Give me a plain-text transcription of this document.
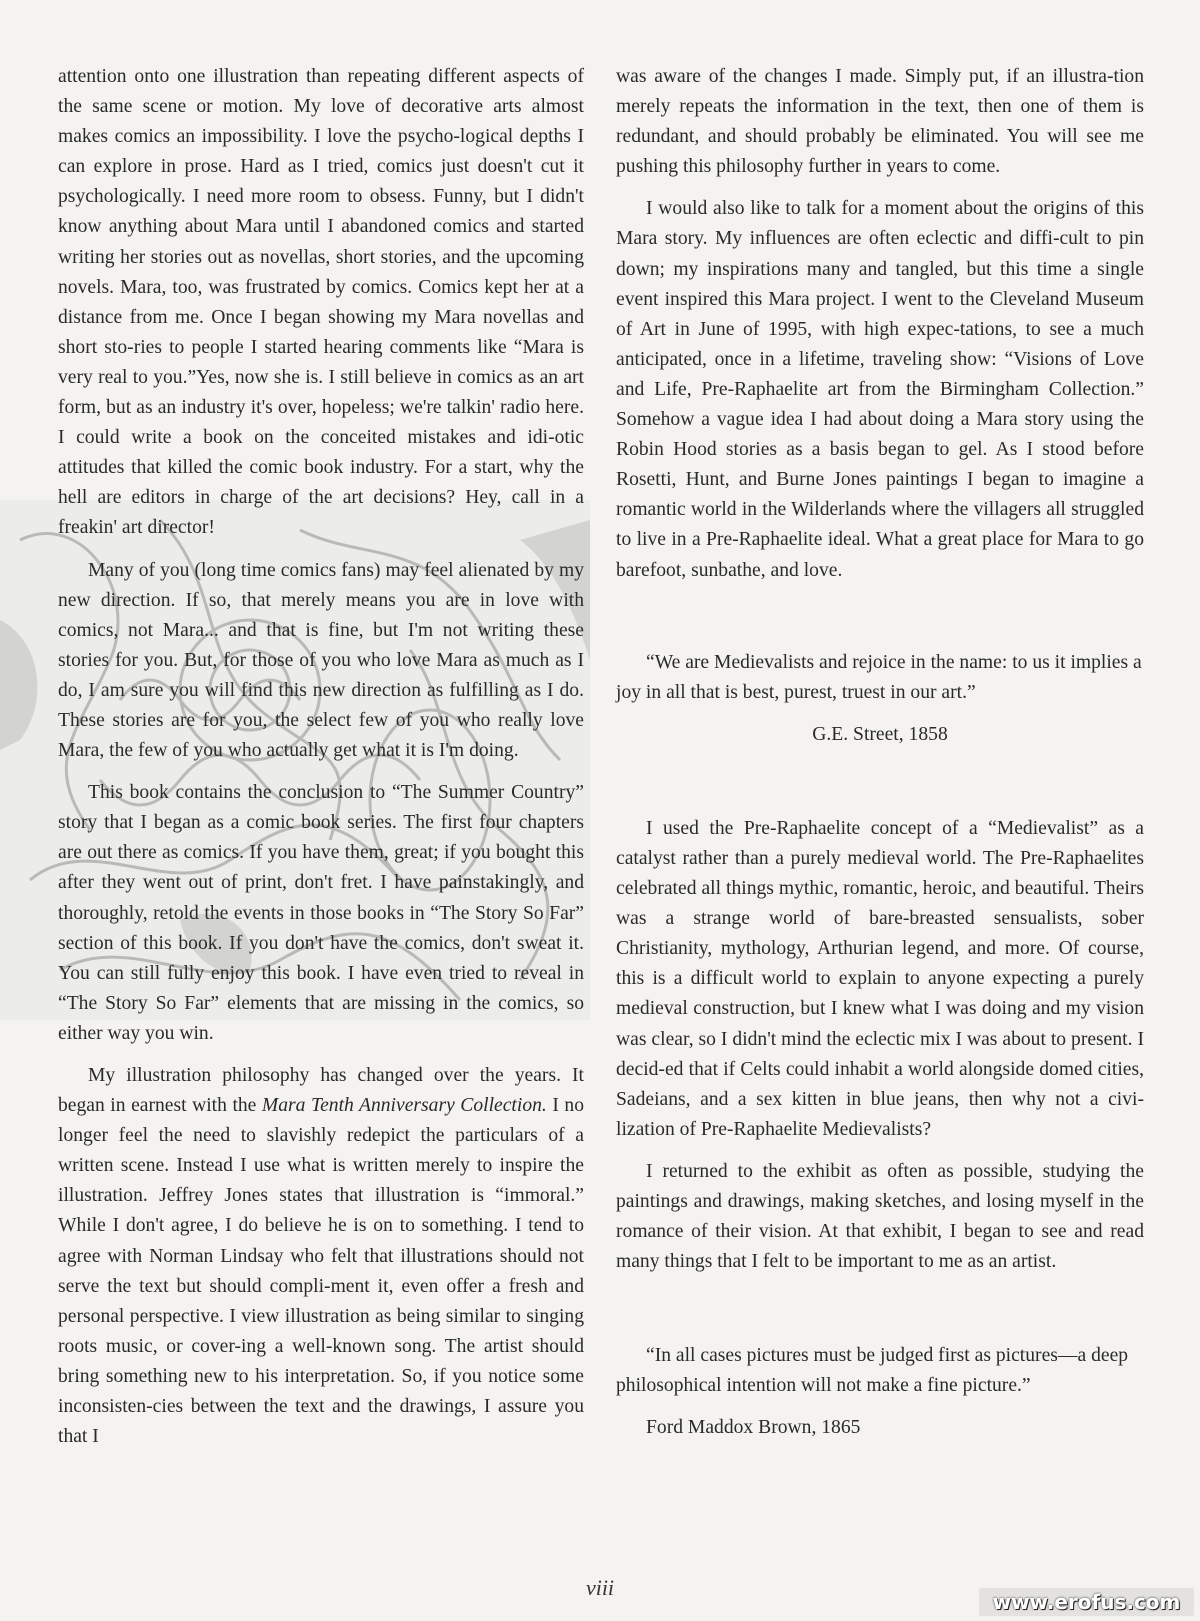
attention onto one illustration than repeating different aspects of the same scene or motion. My love of decorative arts almost makes comics an impossibility. I love the psycho-logical depths I can explore in prose. Hard as I tried, comics just doesn't cut it psychologically. I need more room to obsess. Funny, but I didn't know anything about Mara until I abandoned comics and started writing her stories out as novellas, short stories, and the upcoming novels. Mara, too, was frustrated by comics. Comics kept her at a distance from me. Once I began showing my Mara novellas and short sto-ries to people I started hearing comments like “Mara is very real to you.”Yes, now she is. I still believe in comics as an art form, but as an industry it's over, hopeless; we're talkin' radio here. I could write a book on the conceited mistakes and idi-otic attitudes that killed the comic book industry. For a start, why the hell are editors in charge of the art decisions? Hey, call in a freakin' art director!

Many of you (long time comics fans) may feel alienated by my new direction. If so, that merely means you are in love with comics, not Mara... and that is fine, but I'm not writing these stories for you. But, for those of you who love Mara as much as I do, I am sure you will find this new direction as fulfilling as I do. These stories are for you, the select few of you who really love Mara, the few of you who actually get what it is I'm doing.

This book contains the conclusion to “The Summer Country” story that I began as a comic book series. The first four chapters are out there as comics. If you have them, great; if you bought this after they went out of print, don't fret. I have painstakingly, and thoroughly, retold the events in those books in “The Story So Far” section of this book. If you don't have the comics, don't sweat it. You can still fully enjoy this book. I have even tried to reveal in “The Story So Far” elements that are missing in the comics, so either way you win.

My illustration philosophy has changed over the years. It began in earnest with the Mara Tenth Anniversary Collection. I no longer feel the need to slavishly redepict the particulars of a written scene. Instead I use what is written merely to inspire the illustration. Jeffrey Jones states that illustration is “immoral.” While I don't agree, I do believe he is on to something. I tend to agree with Norman Lindsay who felt that illustrations should not serve the text but should compli-ment it, even offer a fresh and personal perspective. I view illustration as being similar to singing roots music, or cover-ing a well-known song. The artist should bring something new to his interpretation. So, if you notice some inconsisten-cies between the text and the drawings, I assure you that I

was aware of the changes I made. Simply put, if an illustra-tion merely repeats the information in the text, then one of them is redundant, and should probably be eliminated. You will see me pushing this philosophy further in years to come.

I would also like to talk for a moment about the origins of this Mara story. My influences are often eclectic and diffi-cult to pin down; my inspirations many and tangled, but this time a single event inspired this Mara project. I went to the Cleveland Museum of Art in June of 1995, with high expec-tations, to see a much anticipated, once in a lifetime, traveling show: “Visions of Love and Life, Pre-Raphaelite art from the Birmingham Collection.” Somehow a vague idea I had about doing a Mara story using the Robin Hood stories as a basis began to gel. As I stood before Rosetti, Hunt, and Burne Jones paintings I began to imagine a romantic world in the Wilderlands where the villagers all struggled to live in a Pre-Raphaelite ideal. What a great place for Mara to go barefoot, sunbathe, and love.

“We are Medievalists and rejoice in the name: to us it implies a joy in all that is best, purest, truest in our art.”

G.E. Street, 1858

I used the Pre-Raphaelite concept of a “Medievalist” as a catalyst rather than a purely medieval world. The Pre-Raphaelites celebrated all things mythic, romantic, heroic, and beautiful. Theirs was a strange world of bare-breasted sensualists, sober Christianity, mythology, Arthurian legend, and more. Of course, this is a difficult world to explain to anyone expecting a purely medieval construction, but I knew what I was doing and my vision was clear, so I didn't mind the eclectic mix I was about to present. I decid-ed that if Celts could inhabit a world alongside domed cities, Sadeians, and a sex kitten in blue jeans, then why not a civi-lization of Pre-Raphaelite Medievalists?

I returned to the exhibit as often as possible, studying the paintings and drawings, making sketches, and losing myself in the romance of their vision. At that exhibit, I began to see and read many things that I felt to be important to me as an artist.

“In all cases pictures must be judged first as pictures—a deep philosophical intention will not make a fine picture.”

Ford Maddox Brown, 1865

viii
www.erofus.com
